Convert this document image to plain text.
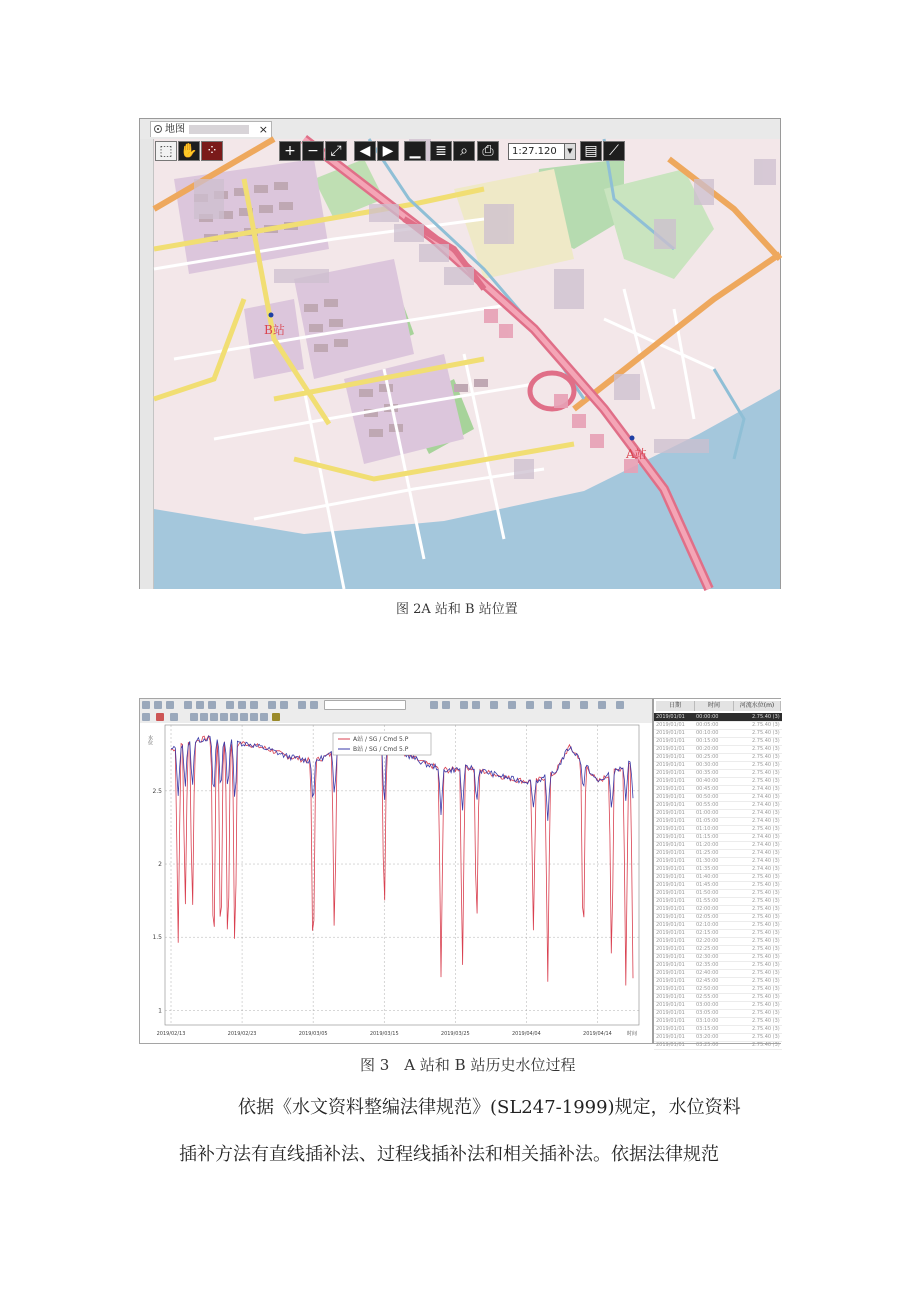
地图	×
⬚ ✋ ⁘	+ − ⤢	◀ ▶	▁	≣ ⌕	⎙	1:27.120	▼ ▤ ⟋
B站
A站
图 2A 站和 B 站位置
1
1.5
2
2.5
2019/02/13	2019/02/23	2019/03/05	2019/03/15	2019/03/25	2019/04/04	2019/04/14	时间
水位	A站 / SG / Cmd 5.P
B站 / SG / Cmd 5.P
日期	时间	河流水位(m)
2019/01/01 00:00:00	2.75.40 (3)
2019/01/01 00:05:00	2.75.40 (3)
2019/01/01 00:10:00	2.75.40 (3)
2019/01/01 00:15:00	2.75.40 (3)
2019/01/01 00:20:00	2.75.40 (3)
2019/01/01 00:25:00	2.75.40 (3)
2019/01/01 00:30:00	2.75.40 (3)
2019/01/01 00:35:00	2.75.40 (3)
2019/01/01 00:40:00	2.75.40 (3)
2019/01/01 00:45:00	2.74.40 (3)
2019/01/01 00:50:00	2.74.40 (3)
2019/01/01 00:55:00	2.74.40 (3)
2019/01/01 01:00:00	2.74.40 (3)
2019/01/01 01:05:00	2.74.40 (3)
2019/01/01 01:10:00	2.75.40 (3)
2019/01/01 01:15:00	2.74.40 (3)
2019/01/01 01:20:00	2.74.40 (3)
2019/01/01 01:25:00	2.74.40 (3)
2019/01/01 01:30:00	2.74.40 (3)
2019/01/01 01:35:00	2.74.40 (3)
2019/01/01 01:40:00	2.75.40 (3)
2019/01/01 01:45:00	2.75.40 (3)
2019/01/01 01:50:00	2.75.40 (3)
2019/01/01 01:55:00	2.75.40 (3)
2019/01/01 02:00:00	2.75.40 (3)
2019/01/01 02:05:00	2.75.40 (3)
2019/01/01 02:10:00	2.75.40 (3)
2019/01/01 02:15:00	2.75.40 (3)
2019/01/01 02:20:00	2.75.40 (3)
2019/01/01 02:25:00	2.75.40 (3)
2019/01/01 02:30:00	2.75.40 (3)
2019/01/01 02:35:00	2.75.40 (3)
2019/01/01 02:40:00	2.75.40 (3)
2019/01/01 02:45:00	2.75.40 (3)
2019/01/01 02:50:00	2.75.40 (3)
2019/01/01 02:55:00	2.75.40 (3)
2019/01/01 03:00:00	2.75.40 (3)
2019/01/01 03:05:00	2.75.40 (3)
2019/01/01 03:10:00	2.75.40 (3)
2019/01/01 03:15:00	2.75.40 (3)
2019/01/01 03:20:00	2.75.40 (3)
2019/01/01 03:25:00	2.75.40 (3)
图 3　A 站和 B 站历史水位过程
依据《水文资料整编法律规范》(SL247-1999)规定，水位资料
插补方法有直线插补法、过程线插补法和相关插补法。依据法律规范
